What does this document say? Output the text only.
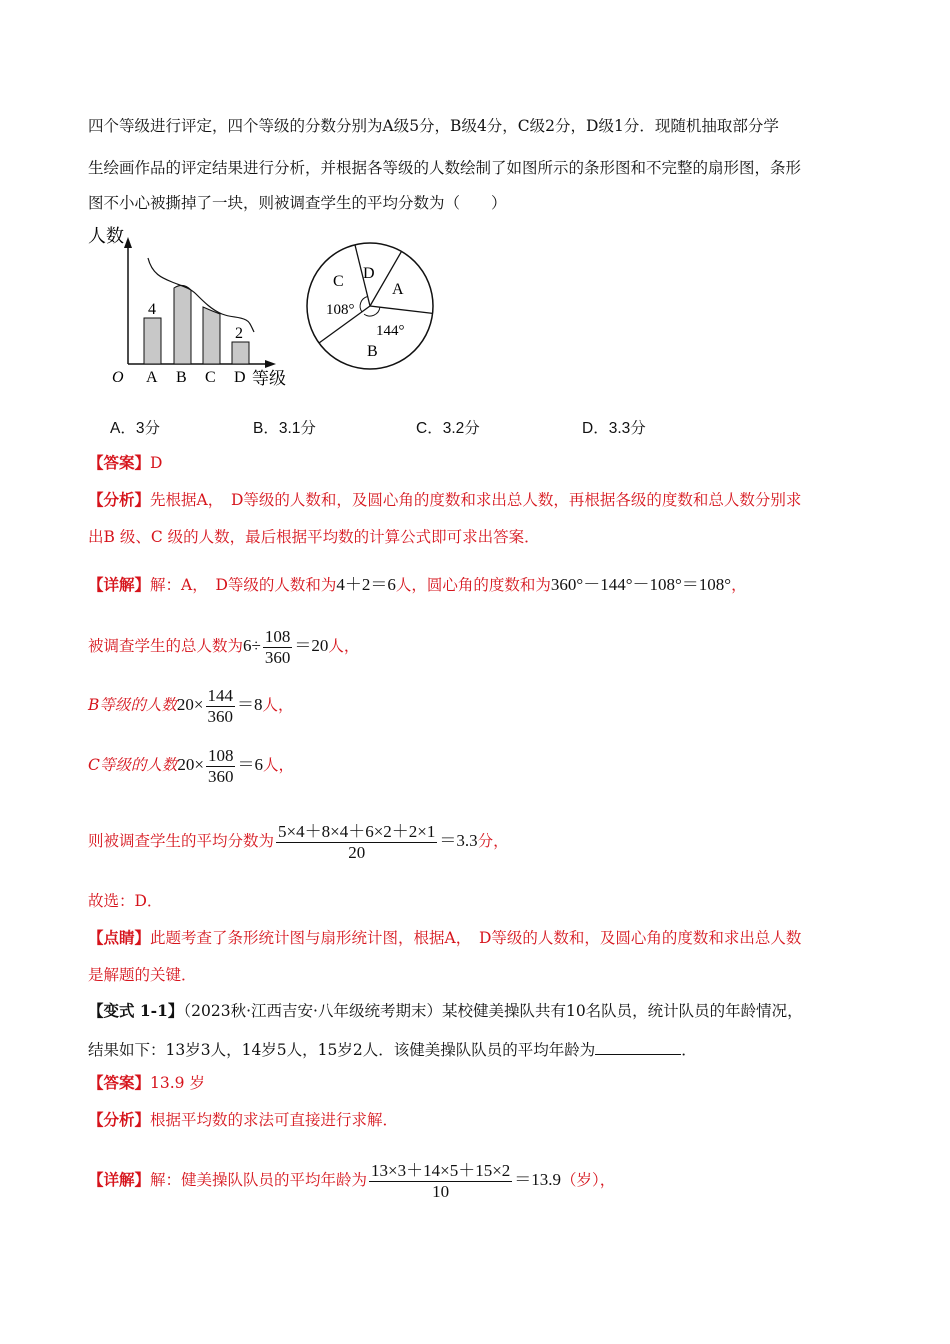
四个等级进行评定，四个等级的分数分别为A级5分，B级4分，C级2分，D级1分．现随机抽取部分学
生绘画作品的评定结果进行分析，并根据各等级的人数绘制了如图所示的条形图和不完整的扇形图，条形
图不小心被撕掉了一块，则被调查学生的平均分数为（　　）
人数
4
2
O A B C D 等级
C D
A
B
108°
144°
A．3分	B．3.1分	C．3.2分	D．3.3分
【答案】D
【分析】先根据A，　D等级的人数和，及圆心角的度数和求出总人数，再根据各级的度数和总人数分别求
出B 级、C 级的人数，最后根据平均数的计算公式即可求出答案．
【详解】解：A，　D等级的人数和为4＋2＝6人，圆心角的度数和为360°－144°－108°＝108°，
被调查学生的总人数为$6\div \frac{108}{360} =20$人，
B等级的人数$20\times \frac{144}{360} =8$人，
C等级的人数$20\times \frac{108}{360} =6$人，
则被调查学生的平均分数为 $\frac{5\times 4+8\times 4+6\times 2+2\times 1}{20} =3.3$分，
故选：D．
【点睛】此题考查了条形统计图与扇形统计图，根据A，　D等级的人数和，及圆心角的度数和求出总人数
是解题的关键．
【变式 1-1】（2023秋·江西吉安·八年级统考期末）某校健美操队共有10名队员，统计队员的年龄情况，
结果如下：13岁3人，14岁5人，15岁2人．该健美操队队员的平均年龄为	．
【答案】13.9 岁
【分析】根据平均数的求法可直接进行求解．
【详解】解：健美操队队员的平均年龄为 $\frac{13\times 3+14\times 5+15\times 2}{10} =13.9$（岁），
